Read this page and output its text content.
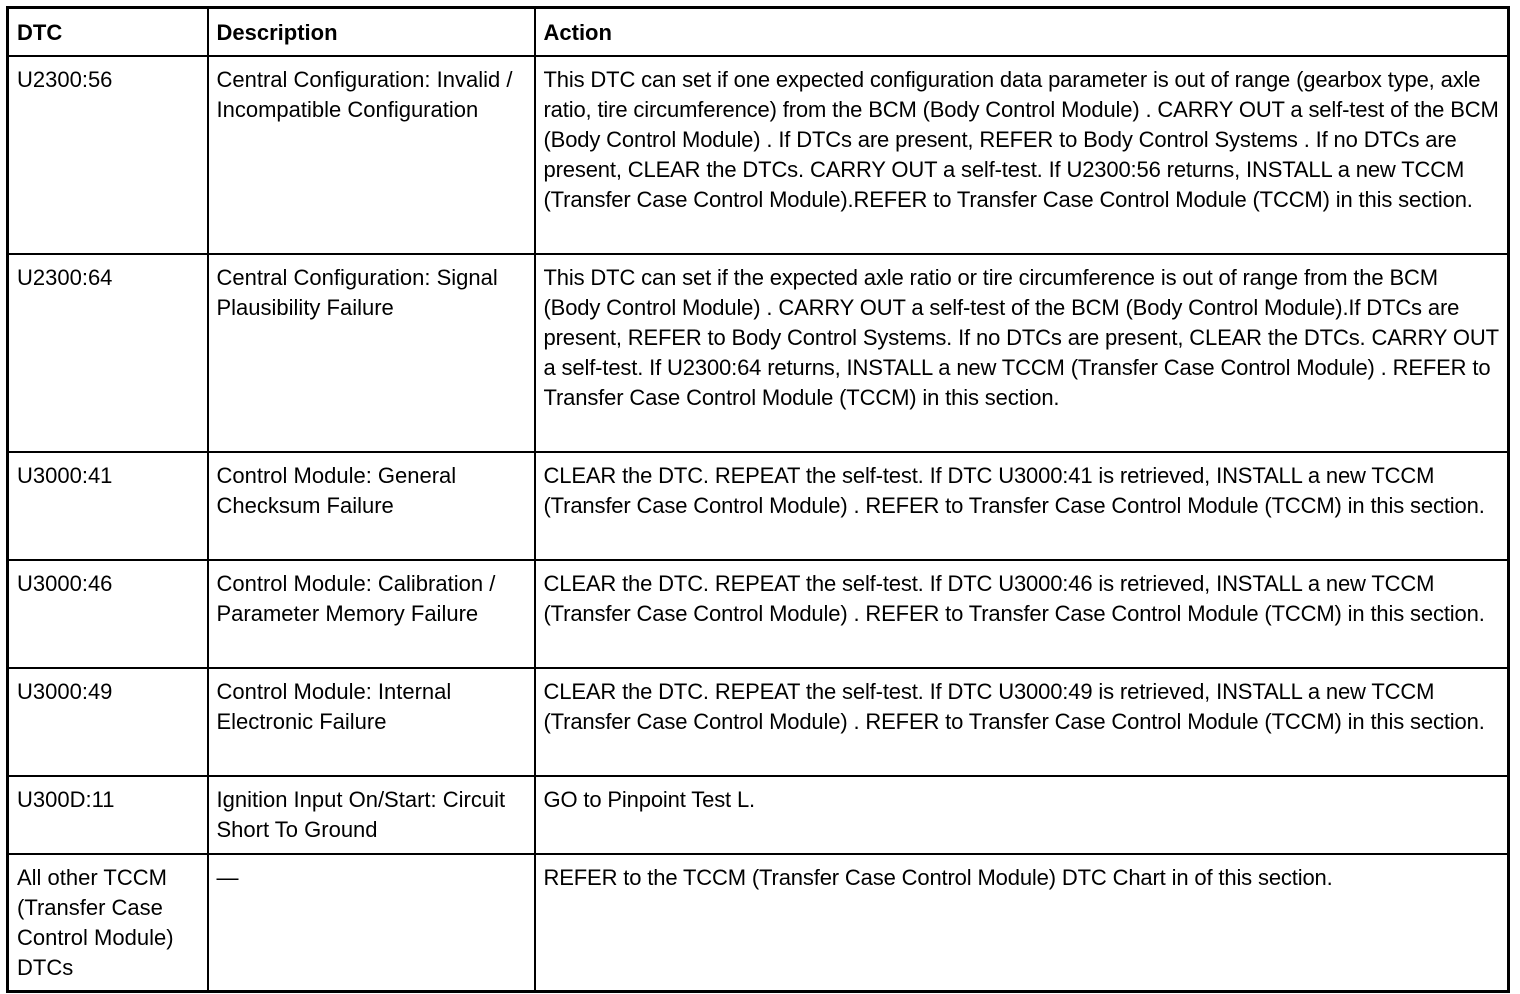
DTC	Description	Action
U2300:56	Central Configuration: Invalid / Incompatible Configuration	This DTC can set if one expected configuration data parameter is out of range (gearbox type, axle ratio, tire circumference) from the BCM (Body Control Module) . CARRY OUT a self-test of the BCM (Body Control Module) . If DTCs are present, REFER to Body Control Systems . If no DTCs are present, CLEAR the DTCs. CARRY OUT a self-test. If U2300:56 returns, INSTALL a new TCCM (Transfer Case Control Module).REFER to Transfer Case Control Module (TCCM) in this section.
U2300:64	Central Configuration: Signal Plausibility Failure	This DTC can set if the expected axle ratio or tire circumference is out of range from the BCM (Body Control Module) . CARRY OUT a self-test of the BCM (Body Control Module).If DTCs are present, REFER to Body Control Systems. If no DTCs are present, CLEAR the DTCs. CARRY OUT a self-test. If U2300:64 returns, INSTALL a new TCCM (Transfer Case Control Module) . REFER to Transfer Case Control Module (TCCM) in this section.
U3000:41	Control Module: General Checksum Failure	CLEAR the DTC. REPEAT the self-test. If DTC U3000:41 is retrieved, INSTALL a new TCCM (Transfer Case Control Module) . REFER to Transfer Case Control Module (TCCM) in this section.
U3000:46	Control Module: Calibration / Parameter Memory Failure	CLEAR the DTC. REPEAT the self-test. If DTC U3000:46 is retrieved, INSTALL a new TCCM (Transfer Case Control Module) . REFER to Transfer Case Control Module (TCCM) in this section.
U3000:49	Control Module: Internal Electronic Failure	CLEAR the DTC. REPEAT the self-test. If DTC U3000:49 is retrieved, INSTALL a new TCCM (Transfer Case Control Module) . REFER to Transfer Case Control Module (TCCM) in this section.
U300D:11	Ignition Input On/Start: Circuit Short To Ground	GO to Pinpoint Test L.
All other TCCM (Transfer Case Control Module) DTCs	—	REFER to the TCCM (Transfer Case Control Module) DTC Chart in of this section.
